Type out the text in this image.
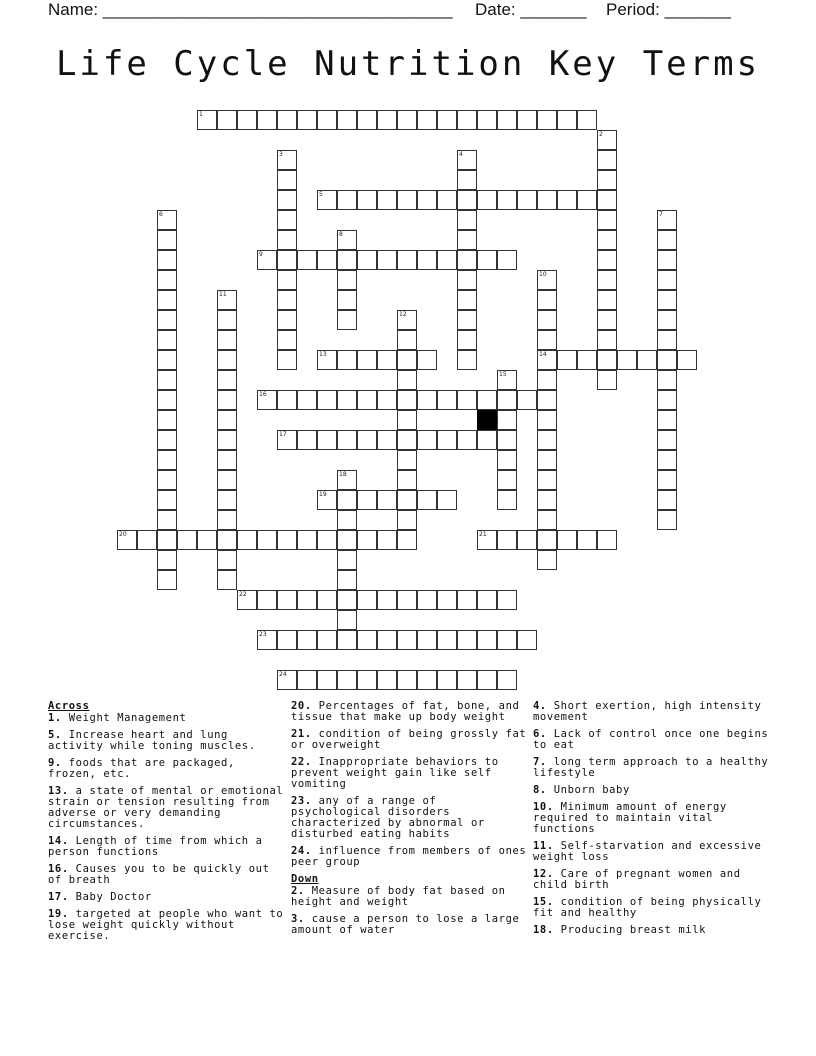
Name: _____________________________________ Date: _______ Period: _______
Life Cycle Nutrition Key Terms
1
2
3	4
5
6	7
8
9
10
11
12
13	14
15
16
17
18
19
20	21
22
23
24
Across
1. Weight Management
5. Increase heart and lung activity while toning muscles.
9. foods that are packaged, frozen, etc.
13. a state of mental or emotional strain or tension resulting from adverse or very demanding circumstances.
14. Length of time from which a person functions
16. Causes you to be quickly out of breath
17. Baby Doctor
19. targeted at people who want to lose weight quickly without exercise.
20. Percentages of fat, bone, and tissue that make up body weight
21. condition of being grossly fat or overweight
22. Inappropriate behaviors to prevent weight gain like self vomiting
23. any of a range of psychological disorders characterized by abnormal or disturbed eating habits
24. influence from members of ones peer group
Down
2. Measure of body fat based on height and weight
3. cause a person to lose a large amount of water
4. Short exertion, high intensity movement
6. Lack of control once one begins to eat
7. long term approach to a healthy lifestyle
8. Unborn baby
10. Minimum amount of energy required to maintain vital functions
11. Self-starvation and excessive weight loss
12. Care of pregnant women and child birth
15. condition of being physically fit and healthy
18. Producing breast milk
